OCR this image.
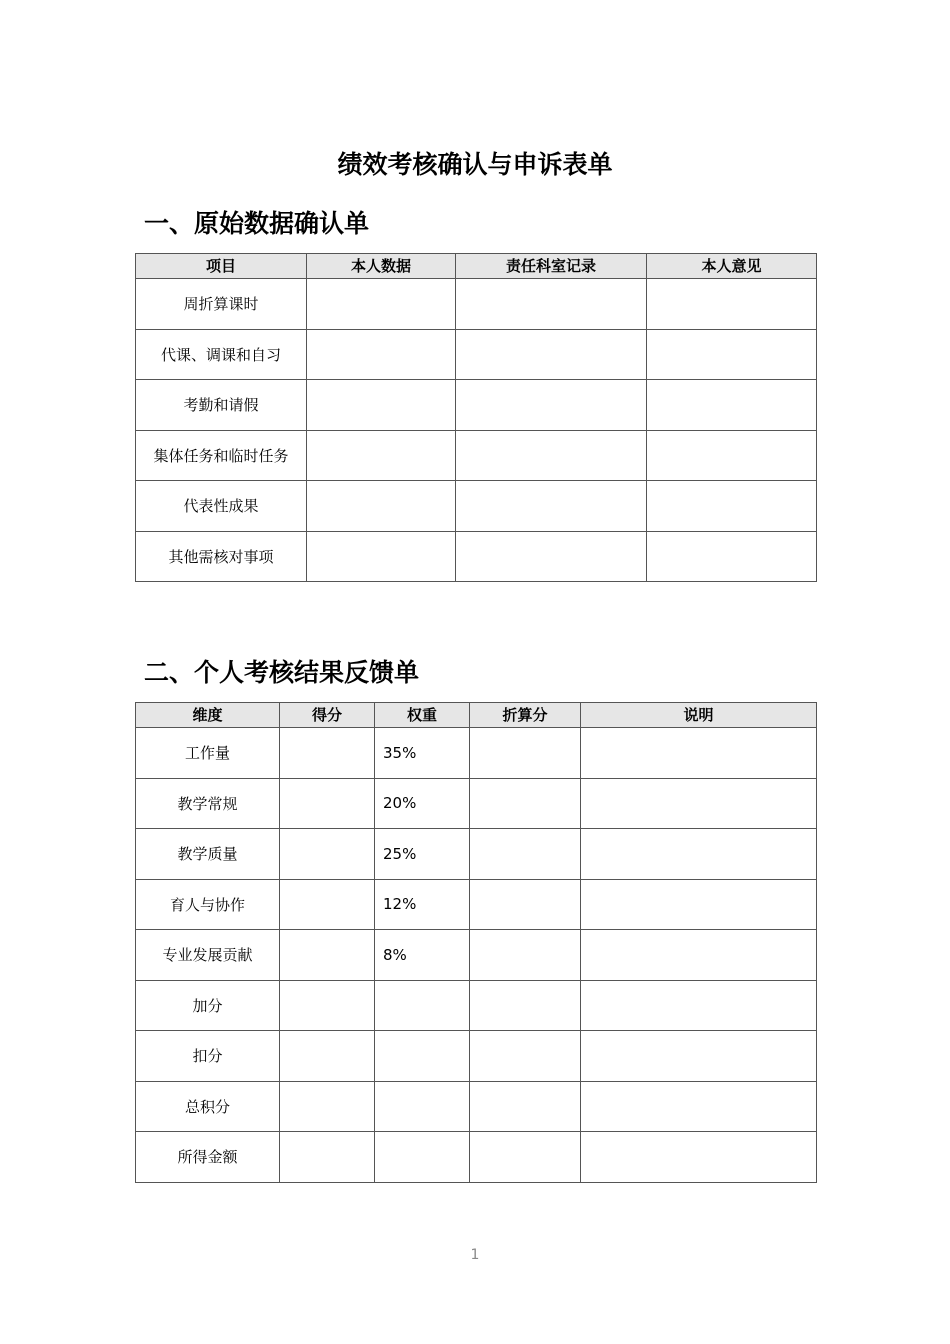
绩效考核确认与申诉表单
一、原始数据确认单
项目	本人数据	责任科室记录	本人意见
周折算课时			
代课、调课和自习			
考勤和请假			
集体任务和临时任务			
代表性成果			
其他需核对事项			
二、个人考核结果反馈单
维度	得分	权重	折算分	说明
工作量		35%		
教学常规		20%		
教学质量		25%		
育人与协作		12%		
专业发展贡献		8%		
加分				
扣分				
总积分				
所得金额				
1
